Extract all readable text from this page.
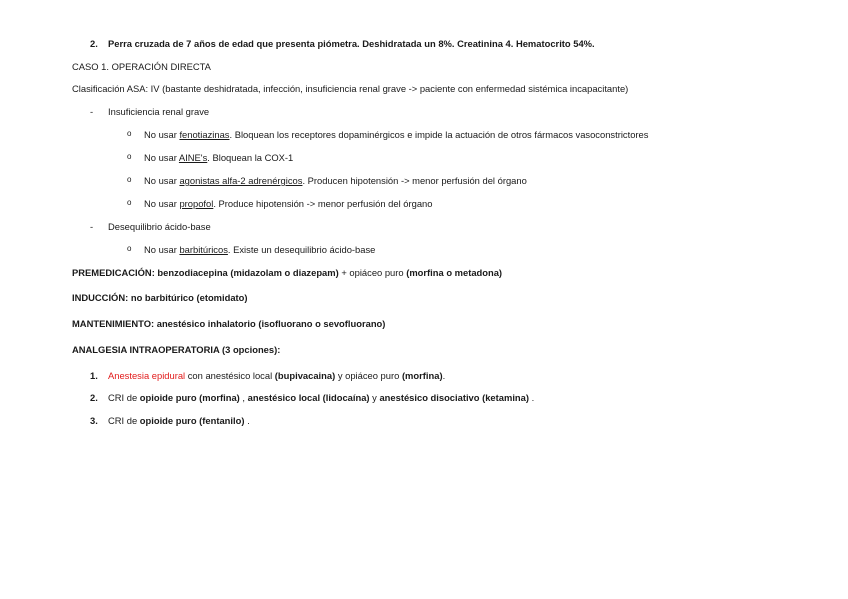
2. Perra cruzada de 7 años de edad que presenta piómetra. Deshidratada un 8%. Creatinina 4. Hematocrito 54%.
CASO 1. OPERACIÓN DIRECTA
Clasificación ASA: IV (bastante deshidratada, infección, insuficiencia renal grave -> paciente con enfermedad sistémica incapacitante)
- Insuficiencia renal grave
o No usar fenotiazinas. Bloquean los receptores dopaminérgicos e impide la actuación de otros fármacos vasoconstrictores
o No usar AINE's. Bloquean la COX-1
o No usar agonistas alfa-2 adrenérgicos. Producen hipotensión -> menor perfusión del órgano
o No usar propofol. Produce hipotensión -> menor perfusión del órgano
- Desequilibrio ácido-base
o No usar barbitúricos. Existe un desequilibrio ácido-base
PREMEDICACIÓN: benzodiacepina (midazolam o diazepam) + opiáceo puro (morfina o metadona)
INDUCCIÓN: no barbitúrico (etomidato)
MANTENIMIENTO: anestésico inhalatorio (isofluorano o sevofluorano)
ANALGESIA INTRAOPERATORIA (3 opciones):
1. Anestesia epidural con anestésico local (bupivacaina) y opiáceo puro (morfina).
2. CRI de opioide puro (morfina) , anestésico local (lidocaína) y anestésico disociativo (ketamina) .
3. CRI de opioide puro (fentanilo) .
